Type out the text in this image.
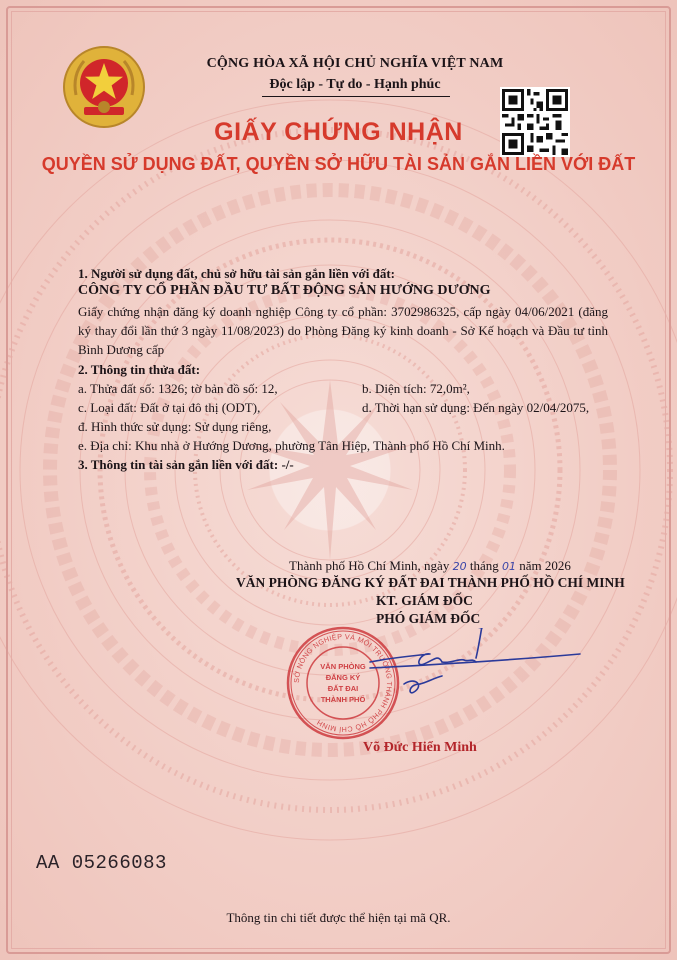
CỘNG HÒA XÃ HỘI CHỦ NGHĨA VIỆT NAM
Độc lập - Tự do - Hạnh phúc
GIẤY CHỨNG NHẬN
QUYỀN SỬ DỤNG ĐẤT, QUYỀN SỞ HỮU TÀI SẢN GẮN LIỀN VỚI ĐẤT
1. Người sử dụng đất, chủ sở hữu tài sản gắn liền với đất:
CÔNG TY CỔ PHẦN ĐẦU TƯ BẤT ĐỘNG SẢN HƯỚNG DƯƠNG
Giấy chứng nhận đăng ký doanh nghiệp Công ty cổ phần: 3702986325, cấp ngày 04/06/2021 (đăng ký thay đổi lần thứ 3 ngày 11/08/2023) do Phòng Đăng ký kinh doanh - Sở Kế hoạch và Đầu tư tỉnh Bình Dương cấp
2. Thông tin thửa đất:
a. Thửa đất số: 1326; tờ bản đồ số: 12,	b. Diện tích: 72,0m²,
c. Loại đất: Đất ở tại đô thị (ODT),	d. Thời hạn sử dụng: Đến ngày 02/04/2075,
đ. Hình thức sử dụng: Sử dụng riêng,
e. Địa chỉ: Khu nhà ở Hướng Dương, phường Tân Hiệp, Thành phố Hồ Chí Minh.
3. Thông tin tài sản gắn liền với đất: -/-
Thành phố Hồ Chí Minh, ngày 20 tháng 01 năm 2026
VĂN PHÒNG ĐĂNG KÝ ĐẤT ĐAI THÀNH PHỐ HỒ CHÍ MINH
KT. GIÁM ĐỐC
PHÓ GIÁM ĐỐC
SỞ NÔNG NGHIỆP VÀ MÔI TRƯỜNG THÀNH PHỐ HỒ CHÍ MINH
VĂN PHÒNG
ĐĂNG KÝ
ĐẤT ĐAI
THÀNH PHỐ
Võ Đức Hiển Minh
AA 05266083
Thông tin chi tiết được thể hiện tại mã QR.
